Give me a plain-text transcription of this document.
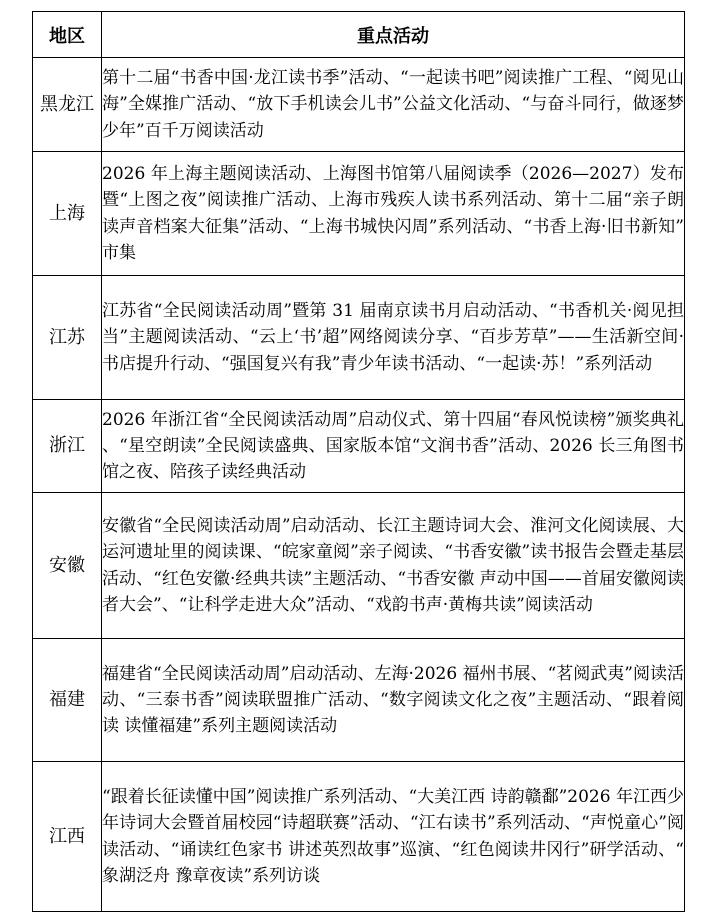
地区	重点活动
黑龙江	第十二届“书香中国·龙江读书季”活动、“一起读书吧”阅读推广工程、“阅见山海”全媒推广活动、“放下手机读会儿书”公益文化活动、“与奋斗同行，做逐梦少年”百千万阅读活动
上海	2026 年上海主题阅读活动、上海图书馆第八届阅读季（2026—2027）发布暨“上图之夜”阅读推广活动、上海市残疾人读书系列活动、第十二届“亲子朗读声音档案大征集”活动、“上海书城快闪周”系列活动、“书香上海·旧书新知”市集
江苏	江苏省“全民阅读活动周”暨第 31 届南京读书月启动活动、“书香机关·阅见担当”主题阅读活动、“云上‘书’超”网络阅读分享、“百步芳草”——生活新空间·书店提升行动、“强国复兴有我”青少年读书活动、“一起读·苏！”系列活动
浙江	2026 年浙江省“全民阅读活动周”启动仪式、第十四届“春风悦读榜”颁奖典礼、“星空朗读”全民阅读盛典、国家版本馆“文润书香”活动、2026 长三角图书馆之夜、陪孩子读经典活动
安徽	安徽省“全民阅读活动周”启动活动、长江主题诗词大会、淮河文化阅读展、大运河遗址里的阅读课、“皖家童阅”亲子阅读、“书香安徽”读书报告会暨走基层活动、“红色安徽·经典共读”主题活动、“书香安徽 声动中国——首届安徽阅读者大会”、“让科学走进大众”活动、“戏韵书声·黄梅共读”阅读活动
福建	福建省“全民阅读活动周”启动活动、左海·2026 福州书展、“茗阅武夷”阅读活动、“三泰书香”阅读联盟推广活动、“数字阅读文化之夜”主题活动、“跟着阅读 读懂福建”系列主题阅读活动
江西	“跟着长征读懂中国”阅读推广系列活动、“大美江西 诗韵赣鄱”2026 年江西少年诗词大会暨首届校园“诗超联赛”活动、“江右读书”系列活动、“声悦童心”阅读活动、“诵读红色家书 讲述英烈故事”巡演、“红色阅读井冈行”研学活动、“象湖泛舟 豫章夜读”系列访谈
